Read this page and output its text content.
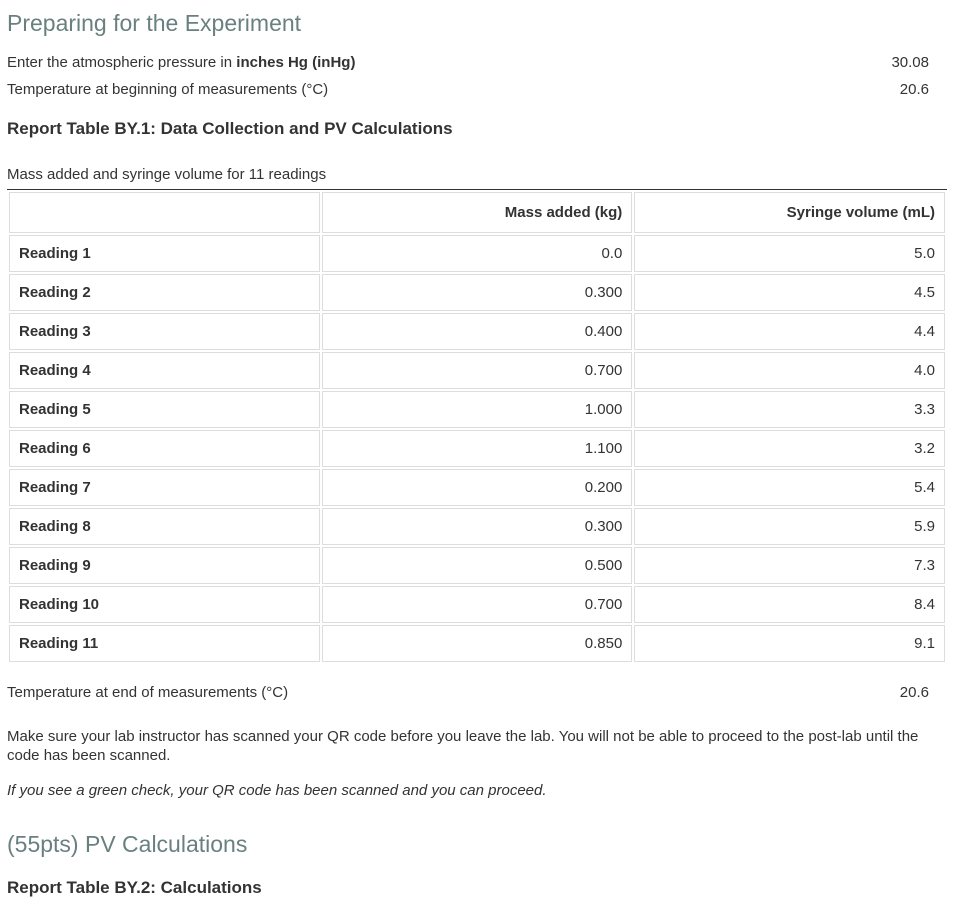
Preparing for the Experiment
Enter the atmospheric pressure in inches Hg (inHg)	30.08
Temperature at beginning of measurements (°C)	20.6
Report Table BY.1: Data Collection and PV Calculations
Mass added and syringe volume for 11 readings
	Mass added (kg)	Syringe volume (mL)
Reading 1	0.0	5.0
Reading 2	0.300	4.5
Reading 3	0.400	4.4
Reading 4	0.700	4.0
Reading 5	1.000	3.3
Reading 6	1.100	3.2
Reading 7	0.200	5.4
Reading 8	0.300	5.9
Reading 9	0.500	7.3
Reading 10	0.700	8.4
Reading 11	0.850	9.1
Temperature at end of measurements (°C)	20.6

Make sure your lab instructor has scanned your QR code before you leave the lab. You will not be able to proceed to the post-lab until the code has been scanned.

If you see a green check, your QR code has been scanned and you can proceed.

(55pts) PV Calculations
Report Table BY.2: Calculations
